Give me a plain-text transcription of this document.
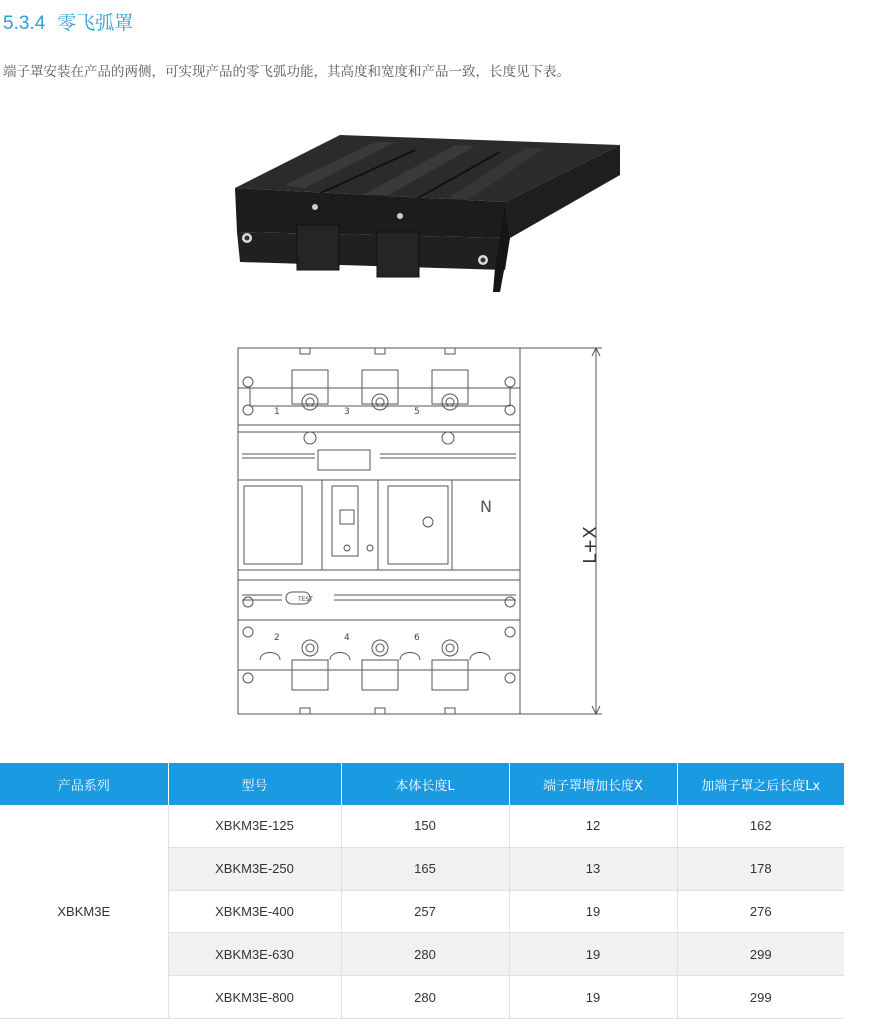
5.3.4 零飞弧罩
端子罩安装在产品的两侧，可实现产品的零飞弧功能，其高度和宽度和产品一致，长度见下表。
1	3	5
2	4	6
TEST
N
L+X
产品系列	型号	本体长度L	端子罩增加长度X	加端子罩之后长度Lx
XBKM3E	XBKM3E-125	150	12	162
	XBKM3E-250	165	13	178
	XBKM3E-400	257	19	276
	XBKM3E-630	280	19	299
	XBKM3E-800	280	19	299
